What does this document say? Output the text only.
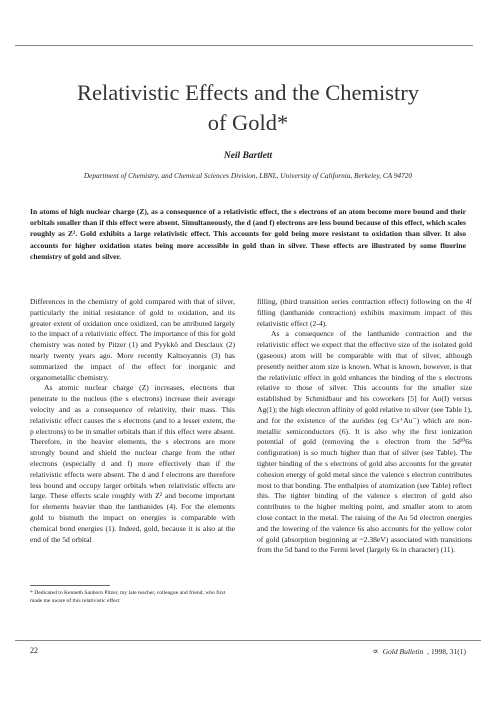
Relativistic Effects and the Chemistry
of Gold*
Neil Bartlett
Department of Chemistry, and Chemical Sciences Division, LBNL, University of California, Berkeley, CA 94720
In atoms of high nuclear charge (Z), as a consequence of a relativistic effect, the s electrons of an atom become more bound and their orbitals smaller than if this effect were absent. Simultaneously, the d (and f) electrons are less bound because of this effect, which scales roughly as Z². Gold exhibits a large relativistic effect. This accounts for gold being more resistant to oxidation than silver. It also accounts for higher oxidation states being more accessible in gold than in silver. These effects are illustrated by some fluorine chemistry of gold and silver.

Differences in the chemistry of gold compared with that of silver, particularly the initial resistance of gold to oxidation, and its greater extent of oxidation once oxidized, can be attributed largely to the impact of a relativistic effect. The importance of this for gold chemistry was noted by Pitzer (1) and Pyykkö and Desclaux (2) nearly twenty years ago. More recently Kaltsoyannis (3) has summarized the impact of the effect for inorganic and organometallic chemistry.

As atomic nuclear charge (Z) increases, electrons that penetrate to the nucleus (the s electrons) increase their average velocity and as a consequence of relativity, their mass. This relativistic effect causes the s electrons (and to a lesser extent, the p electrons) to be in smaller orbitals than if this effect were absent. Therefore, in the heavier elements, the s electrons are more strongly bound and shield the nuclear charge from the other electrons (especially d and f) more effectively than if the relativistic effects were absent. The d and f electrons are therefore less bound and occupy larger orbitals when relativistic effects are large. These effects scale roughly with Z² and become important for elements heavier than the lanthanides (4). For the elements gold to bismuth the impact on energies is comparable with chemical bond energies (1). Indeed, gold, because it is also at the end of the 5d orbital

filling, (third transition series contraction effect) following on the 4f filling (lanthanide contraction) exhibits maximum impact of this relativistic effect (2-4).

As a consequence of the lanthanide contraction and the relativistic effect we expect that the effective size of the isolated gold (gaseous) atom will be comparable with that of silver, although presently neither atom size is known. What is known, however, is that the relativistic effect in gold enhances the binding of the s electrons relative to those of silver. This accounts for the smaller size established by Schmidbaur and his coworkers [5] for Au(I) versus Ag(1); the high electron affinity of gold relative to silver (see Table 1), and for the existence of the aurides (eg Cs⁺Au⁻) which are non-metallic semiconductors (6). It is also why the first ionization potential of gold (removing the s electron from the 5d¹⁰6s configuration) is so much higher than that of silver (see Table). The tighter binding of the s electrons of gold also accounts for the greater cohesion energy of gold metal since the valence s electron contributes most to that bonding. The enthalpies of atomization (see Table) reflect this. The tighter binding of the valence s electron of gold also contributes to the higher melting point, and smaller atom to atom close contact in the metal. The raising of the Au 5d electron energies and the lowering of the valence 6s also accounts for the yellow color of gold (absorption beginning at ~2.38eV) associated with transitions from the 5d band to the Fermi level (largely 6s in character) (11).

* Dedicated to Kenneth Sanborn Pitzer, my late teacher, colleague and friend, who first made me aware of this relativistic effect
22	∝ Gold Bulletin , 1998, 31(1)
